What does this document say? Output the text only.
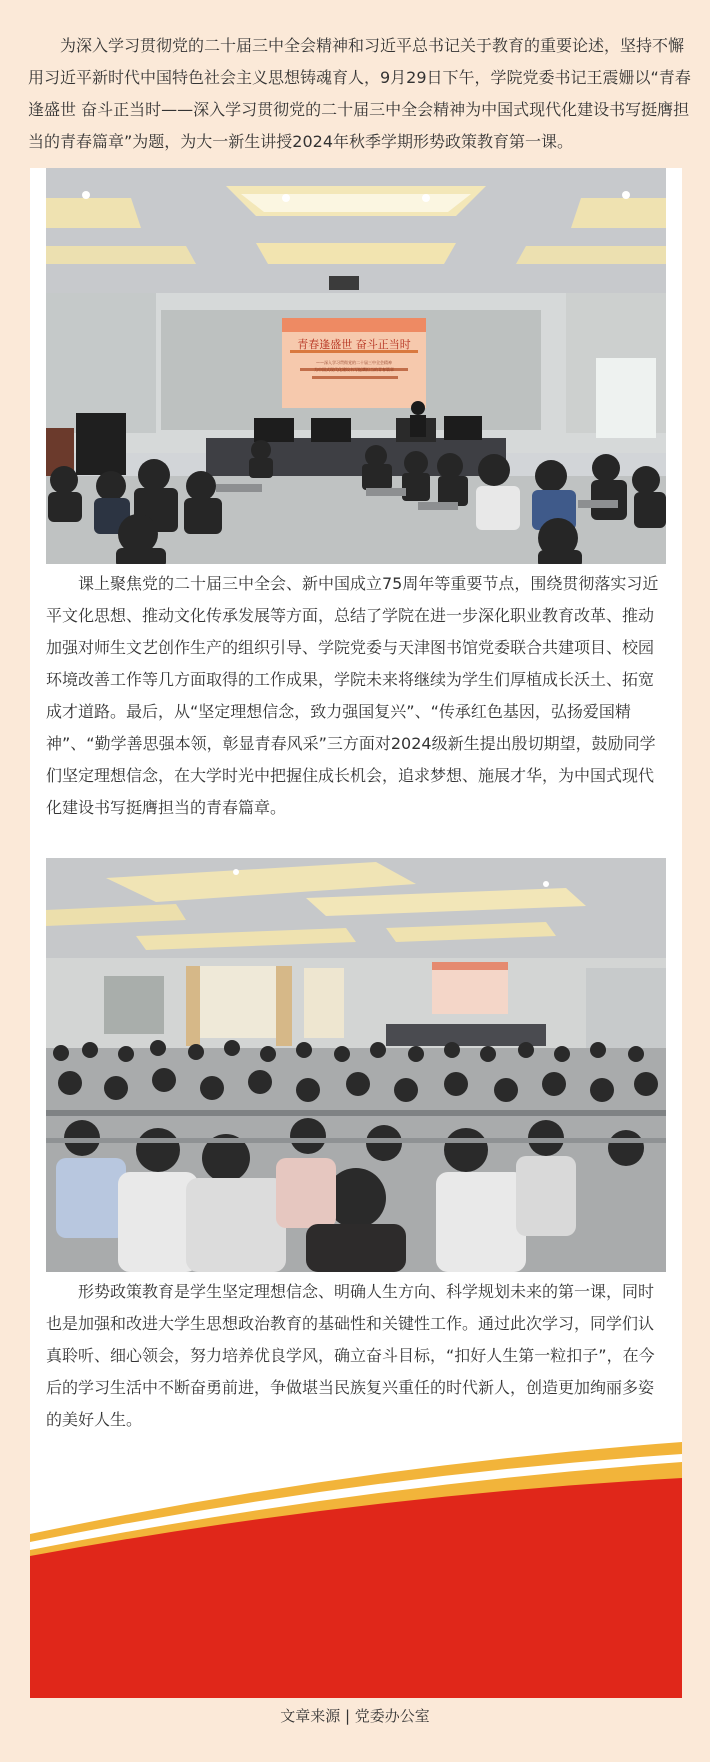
为深入学习贯彻党的二十届三中全会精神和习近平总书记关于教育的重要论述，坚持不懈用习近平新时代中国特色社会主义思想铸魂育人，9月29日下午，学院党委书记王震姗以“青春逢盛世 奋斗正当时——深入学习贯彻党的二十届三中全会精神为中国式现代化建设书写挺膺担当的青春篇章”为题，为大一新生讲授2024年秋季学期形势政策教育第一课。

青春逢盛世 奋斗正当时
——深入学习贯彻党的二十届三中全会精神
为中国式现代化建设书写挺膺担当的青春篇章

课上聚焦党的二十届三中全会、新中国成立75周年等重要节点，围绕贯彻落实习近平文化思想、推动文化传承发展等方面，总结了学院在进一步深化职业教育改革、推动加强对师生文艺创作生产的组织引导、学院党委与天津图书馆党委联合共建项目、校园环境改善工作等几方面取得的工作成果，学院未来将继续为学生们厚植成长沃土、拓宽成才道路。最后，从“坚定理想信念，致力强国复兴”、“传承红色基因，弘扬爱国精神”、“勤学善思强本领，彰显青春风采”三方面对2024级新生提出殷切期望，鼓励同学们坚定理想信念，在大学时光中把握住成长机会，追求梦想、施展才华，为中国式现代化建设书写挺膺担当的青春篇章。

形势政策教育是学生坚定理想信念、明确人生方向、科学规划未来的第一课，同时也是加强和改进大学生思想政治教育的基础性和关键性工作。通过此次学习，同学们认真聆听、细心领会，努力培养优良学风，确立奋斗目标，“扣好人生第一粒扣子”，在今后的学习生活中不断奋勇前进，争做堪当民族复兴重任的时代新人，创造更加绚丽多姿的美好人生。

文章来源 | 党委办公室
